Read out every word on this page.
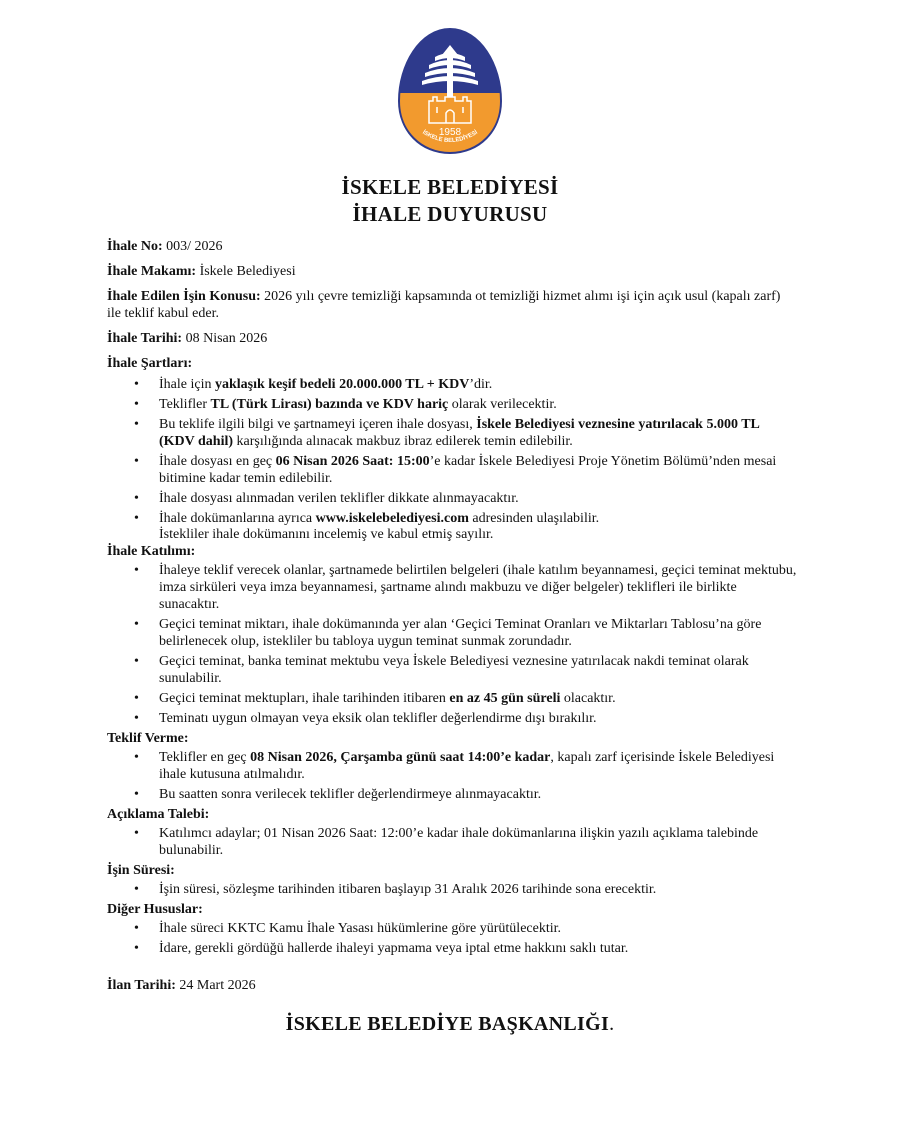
1958
İSKELE BELEDİYESİ
İSKELE BELEDİYESİ
İHALE DUYURUSU

İhale No: 003/ 2026

İhale Makamı: İskele Belediyesi

İhale Edilen İşin Konusu: 2026 yılı çevre temizliği kapsamında ot temizliği hizmet alımı işi için açık usul (kapalı zarf) ile teklif kabul eder.

İhale Tarihi: 08 Nisan 2026

İhale Şartları:

• İhale için yaklaşık keşif bedeli 20.000.000 TL + KDV’dir.
• Teklifler TL (Türk Lirası) bazında ve KDV hariç olarak verilecektir.
• Bu teklife ilgili bilgi ve şartnameyi içeren ihale dosyası, İskele Belediyesi veznesine yatırılacak 5.000 TL (KDV dahil) karşılığında alınacak makbuz ibraz edilerek temin edilebilir.
• İhale dosyası en geç 06 Nisan 2026 Saat: 15:00’e kadar İskele Belediyesi Proje Yönetim Bölümü’nden mesai bitimine kadar temin edilebilir.
• İhale dosyası alınmadan verilen teklifler dikkate alınmayacaktır.
• İhale dokümanlarına ayrıca www.iskelebelediyesi.com adresinden ulaşılabilir.

İstekliler ihale dokümanını incelemiş ve kabul etmiş sayılır.

İhale Katılımı:

• İhaleye teklif verecek olanlar, şartnamede belirtilen belgeleri (ihale katılım beyannamesi, geçici teminat mektubu, imza sirküleri veya imza beyannamesi, şartname alındı makbuzu ve diğer belgeler) teklifleri ile birlikte sunacaktır.
• Geçici teminat miktarı, ihale dokümanında yer alan ‘Geçici Teminat Oranları ve Miktarları Tablosu’na göre belirlenecek olup, istekliler bu tabloya uygun teminat sunmak zorundadır.
• Geçici teminat, banka teminat mektubu veya İskele Belediyesi veznesine yatırılacak nakdi teminat olarak sunulabilir.
• Geçici teminat mektupları, ihale tarihinden itibaren en az 45 gün süreli olacaktır.
• Teminatı uygun olmayan veya eksik olan teklifler değerlendirme dışı bırakılır.

Teklif Verme:

• Teklifler en geç 08 Nisan 2026, Çarşamba günü saat 14:00’e kadar, kapalı zarf içerisinde İskele Belediyesi ihale kutusuna atılmalıdır.
• Bu saatten sonra verilecek teklifler değerlendirmeye alınmayacaktır.

Açıklama Talebi:

• Katılımcı adaylar; 01 Nisan 2026 Saat: 12:00’e kadar ihale dokümanlarına ilişkin yazılı açıklama talebinde bulunabilir.

İşin Süresi:

• İşin süresi, sözleşme tarihinden itibaren başlayıp 31 Aralık 2026 tarihinde sona erecektir.

Diğer Hususlar:

• İhale süreci KKTC Kamu İhale Yasası hükümlerine göre yürütülecektir.
• İdare, gerekli gördüğü hallerde ihaleyi yapmama veya iptal etme hakkını saklı tutar.

İlan Tarihi: 24 Mart 2026

İSKELE BELEDİYE BAŞKANLIĞI.
